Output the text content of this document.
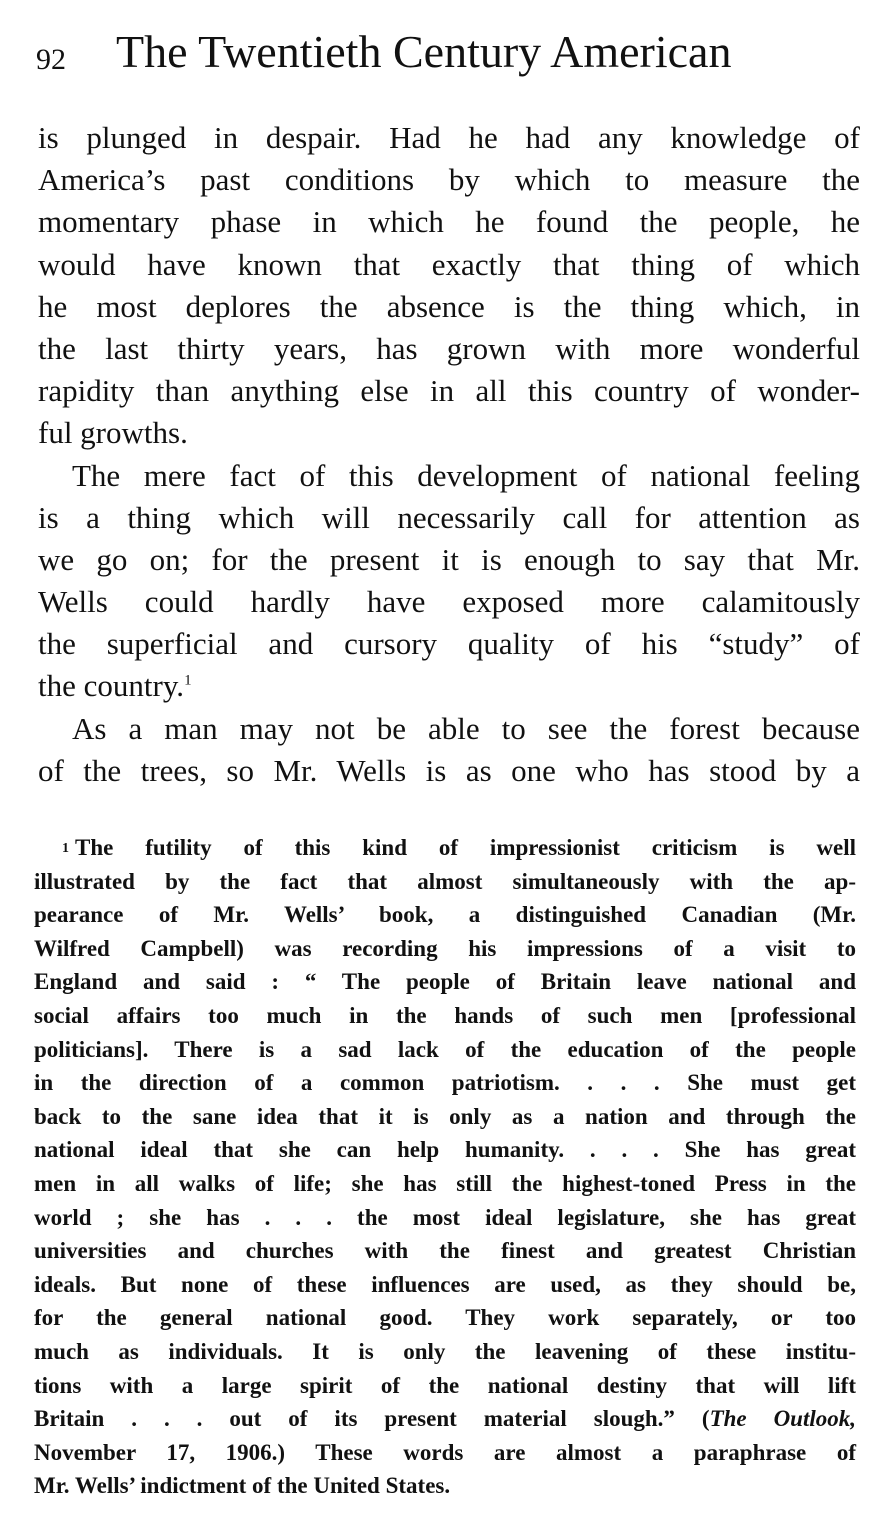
92 The Twentieth Century American
is plunged in despair. Had he had any knowledge of
America’s past conditions by which to measure the
momentary phase in which he found the people, he
would have known that exactly that thing of which
he most deplores the absence is the thing which, in
the last thirty years, has grown with more wonderful
rapidity than anything else in all this country of wonder-
ful growths.
The mere fact of this development of national feeling
is a thing which will necessarily call for attention as
we go on; for the present it is enough to say that Mr.
Wells could hardly have exposed more calamitously
the superficial and cursory quality of his “study” of
the country.$^1$
As a man may not be able to see the forest because
of the trees, so Mr. Wells is as one who has stood by a
1 The futility of this kind of impressionist criticism is well
illustrated by the fact that almost simultaneously with the ap-
pearance of Mr. Wells’ book, a distinguished Canadian (Mr.
Wilfred Campbell) was recording his impressions of a visit to
England and said : “ The people of Britain leave national and
social affairs too much in the hands of such men [professional
politicians]. There is a sad lack of the education of the people
in the direction of a common patriotism. . . . She must get
back to the sane idea that it is only as a nation and through the
national ideal that she can help humanity. . . . She has great
men in all walks of life; she has still the highest-toned Press in the
world ; she has . . . the most ideal legislature, she has great
universities and churches with the finest and greatest Christian
ideals. But none of these influences are used, as they should be,
for the general national good. They work separately, or too
much as individuals. It is only the leavening of these institu-
tions with a large spirit of the national destiny that will lift
Britain . . . out of its present material slough.” (The Outlook,
November 17, 1906.) These words are almost a paraphrase of
Mr. Wells’ indictment of the United States.
